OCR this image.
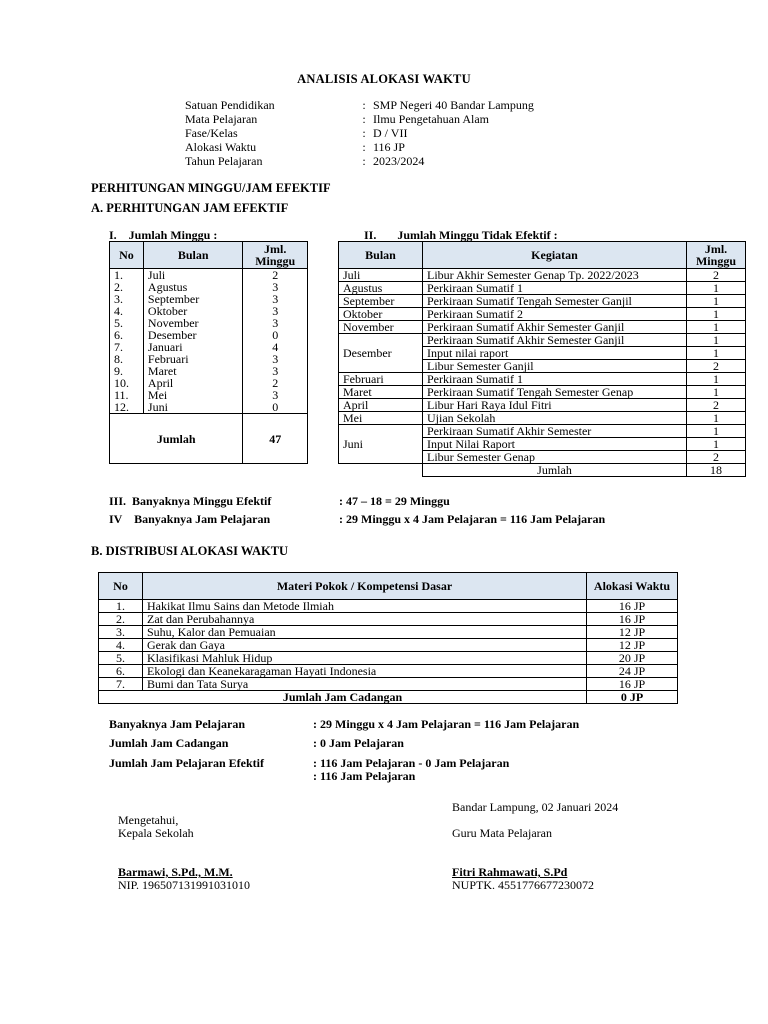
ANALISIS ALOKASI WAKTU
Satuan Pendidikan	: SMP Negeri 40 Bandar Lampung
Mata Pelajaran	: Ilmu Pengetahuan Alam
Fase/Kelas	: D / VII
Alokasi Waktu	: 116 JP
Tahun Pelajaran	: 2023/2024
PERHITUNGAN MINGGU/JAM EFEKTIF
A. PERHITUNGAN JAM EFEKTIF
I.    Jumlah Minggu :	II.       Jumlah Minggu Tidak Efektif :
No	Bulan	Jml. Minggu
1.	Juli	2
2.	Agustus	3
3.	September	3
4.	Oktober	3
5.	November	3
6.	Desember	0
7.	Januari	4
8.	Februari	3
9.	Maret	3
10.	April	2
11.	Mei	3
12.	Juni	0
Jumlah		47
Bulan	Kegiatan	Jml. Minggu
Juli	Libur Akhir Semester Genap Tp. 2022/2023	2
Agustus	Perkiraan Sumatif 1	1
September	Perkiraan Sumatif Tengah Semester Ganjil	1
Oktober	Perkiraan Sumatif 2	1
November	Perkiraan Sumatif Akhir Semester Ganjil	1
Desember	Perkiraan Sumatif Akhir Semester Ganjil	1
	Input nilai raport	1
	Libur Semester Ganjil	2
Februari	Perkiraan Sumatif 1	1
Maret	Perkiraan Sumatif Tengah Semester Genap	1
April	Libur Hari Raya Idul Fitri	2
Mei	Ujian Sekolah	1
Juni	Perkiraan Sumatif Akhir Semester	1
	Input Nilai Raport	1
	Libur Semester Genap	2
	Jumlah	18
III.  Banyaknya Minggu Efektif	: 47 – 18 = 29 Minggu
IV    Banyaknya Jam Pelajaran	: 29 Minggu x 4 Jam Pelajaran = 116 Jam Pelajaran
B. DISTRIBUSI ALOKASI WAKTU
No	Materi Pokok / Kompetensi Dasar	Alokasi Waktu
1.	Hakikat Ilmu Sains dan Metode Ilmiah	16 JP
2.	Zat dan Perubahannya	16 JP
3.	Suhu, Kalor dan Pemuaian	12 JP
4.	Gerak dan Gaya	12 JP
5.	Klasifikasi Mahluk Hidup	20 JP
6.	Ekologi dan Keanekaragaman Hayati Indonesia	24 JP
7.	Bumi dan Tata Surya	16 JP
Jumlah Jam Cadangan		0 JP
Banyaknya Jam Pelajaran	: 29 Minggu x 4 Jam Pelajaran = 116 Jam Pelajaran
Jumlah Jam Cadangan	: 0 Jam Pelajaran
Jumlah Jam Pelajaran Efektif	: 116 Jam Pelajaran - 0 Jam Pelajaran
: 116 Jam Pelajaran
Bandar Lampung, 02 Januari 2024
Mengetahui,
Kepala Sekolah	Guru Mata Pelajaran
Barmawi, S.Pd., M.M.
NIP. 196507131991031010
Fitri Rahmawati, S.Pd
NUPTK. 4551776677230072
